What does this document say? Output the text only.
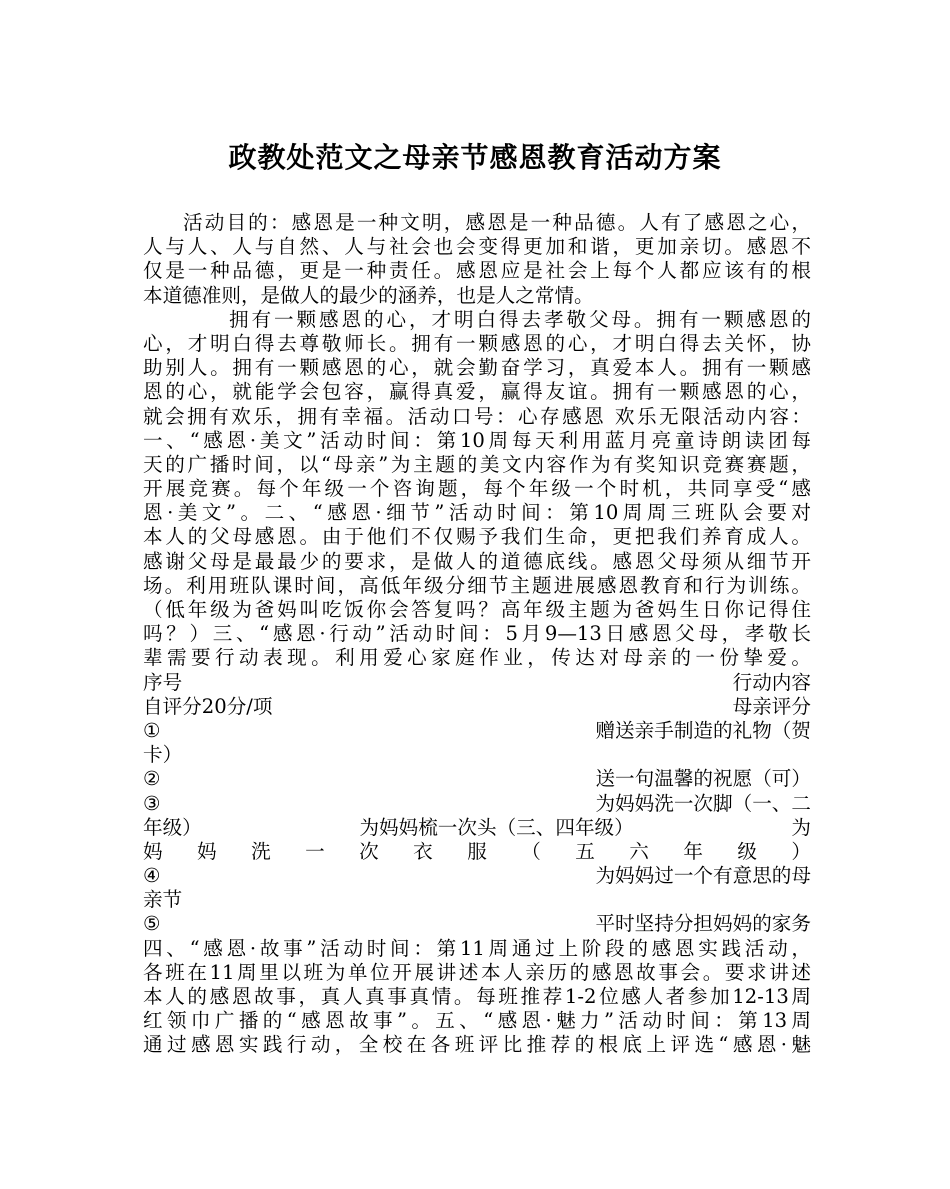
政教处范文之母亲节感恩教育活动方案
活动目的：感恩是一种文明，感恩是一种品德。人有了感恩之心，
人与人、人与自然、人与社会也会变得更加和谐，更加亲切。感恩不
仅是一种品德，更是一种责任。感恩应是社会上每个人都应该有的根
本道德准则，是做人的最少的涵养，也是人之常情。
拥有一颗感恩的心，才明白得去孝敬父母。拥有一颗感恩的
心，才明白得去尊敬师长。拥有一颗感恩的心，才明白得去关怀，协
助别人。拥有一颗感恩的心，就会勤奋学习，真爱本人。拥有一颗感
恩的心，就能学会包容，赢得真爱，赢得友谊。拥有一颗感恩的心，
就会拥有欢乐，拥有幸福。活动口号：心存感恩 欢乐无限活动内容：
一、“感恩·美文”活动时间：第10周每天利用蓝月亮童诗朗读团每
天的广播时间，以“母亲”为主题的美文内容作为有奖知识竞赛赛题，
开展竞赛。每个年级一个咨询题，每个年级一个时机，共同享受“感
恩·美文”。二、“感恩·细节”活动时间：第10周周三班队会要对
本人的父母感恩。由于他们不仅赐予我们生命，更把我们养育成人。
感谢父母是最最少的要求，是做人的道德底线。感恩父母须从细节开
场。利用班队课时间，高低年级分细节主题进展感恩教育和行为训练。
（低年级为爸妈叫吃饭你会答复吗？高年级主题为爸妈生日你记得住
吗？）三、“感恩·行动”活动时间：5月9—13日感恩父母，孝敬长
辈需要行动表现。利用爱心家庭作业，传达对母亲的一份挚爱。
序号	行动内容
自评分20分/项	母亲评分
①	赠送亲手制造的礼物（贺
卡）
②	送一句温馨的祝愿（可）
③	为妈妈洗一次脚（一、二
年级）	为妈妈梳一次头（三、四年级）	为
妈 妈 洗 一 次 衣 服 （ 五 六 年 级 ）
④	为妈妈过一个有意思的母
亲节
⑤	平时坚持分担妈妈的家务
四、“感恩·故事”活动时间：第11周通过上阶段的感恩实践活动，
各班在11周里以班为单位开展讲述本人亲历的感恩故事会。要求讲述
本人的感恩故事，真人真事真情。每班推荐1-2位感人者参加12-13周
红领巾广播的“感恩故事”。五、“感恩·魅力”活动时间：第13周
通过感恩实践行动，全校在各班评比推荐的根底上评选“感恩·魅
